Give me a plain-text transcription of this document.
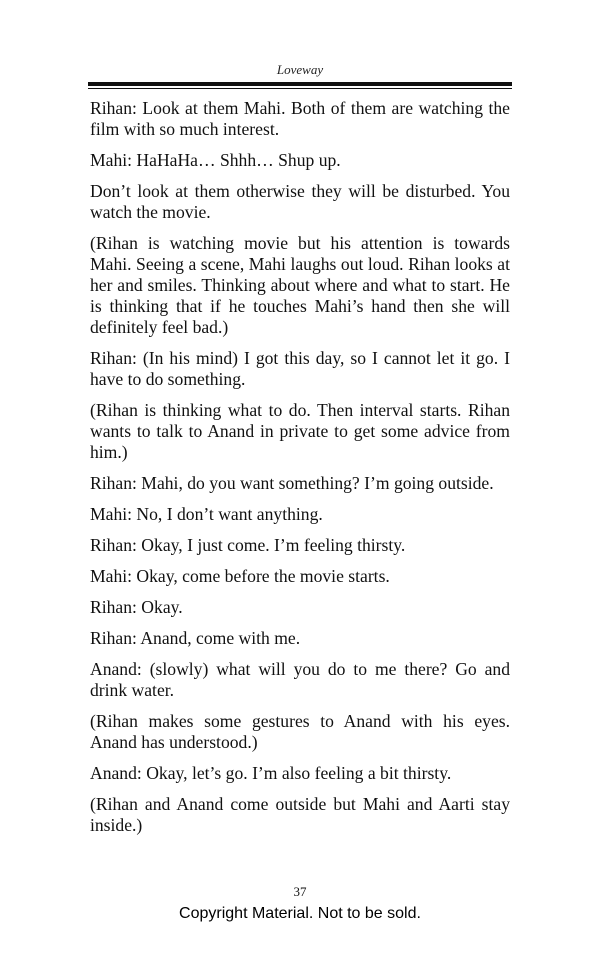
Loveway

Rihan: Look at them Mahi. Both of them are watching the film with so much interest.

Mahi: HaHaHa… Shhh… Shup up.

Don’t look at them otherwise they will be disturbed. You watch the movie.

(Rihan is watching movie but his attention is towards Mahi. Seeing a scene, Mahi laughs out loud. Rihan looks at her and smiles. Thinking about where and what to start. He is thinking that if he touches Mahi’s hand then she will definitely feel bad.)

Rihan: (In his mind) I got this day, so I cannot let it go. I have to do something.

(Rihan is thinking what to do. Then interval starts. Rihan wants to talk to Anand in private to get some advice from him.)

Rihan: Mahi, do you want something? I’m going outside.

Mahi: No, I don’t want anything.

Rihan: Okay, I just come. I’m feeling thirsty.

Mahi: Okay, come before the movie starts.

Rihan: Okay.

Rihan: Anand, come with me.

Anand: (slowly) what will you do to me there? Go and drink water.

(Rihan makes some gestures to Anand with his eyes. Anand has understood.)

Anand: Okay, let’s go. I’m also feeling a bit thirsty.

(Rihan and Anand come outside but Mahi and Aarti stay inside.)

37
Copyright Material. Not to be sold.
